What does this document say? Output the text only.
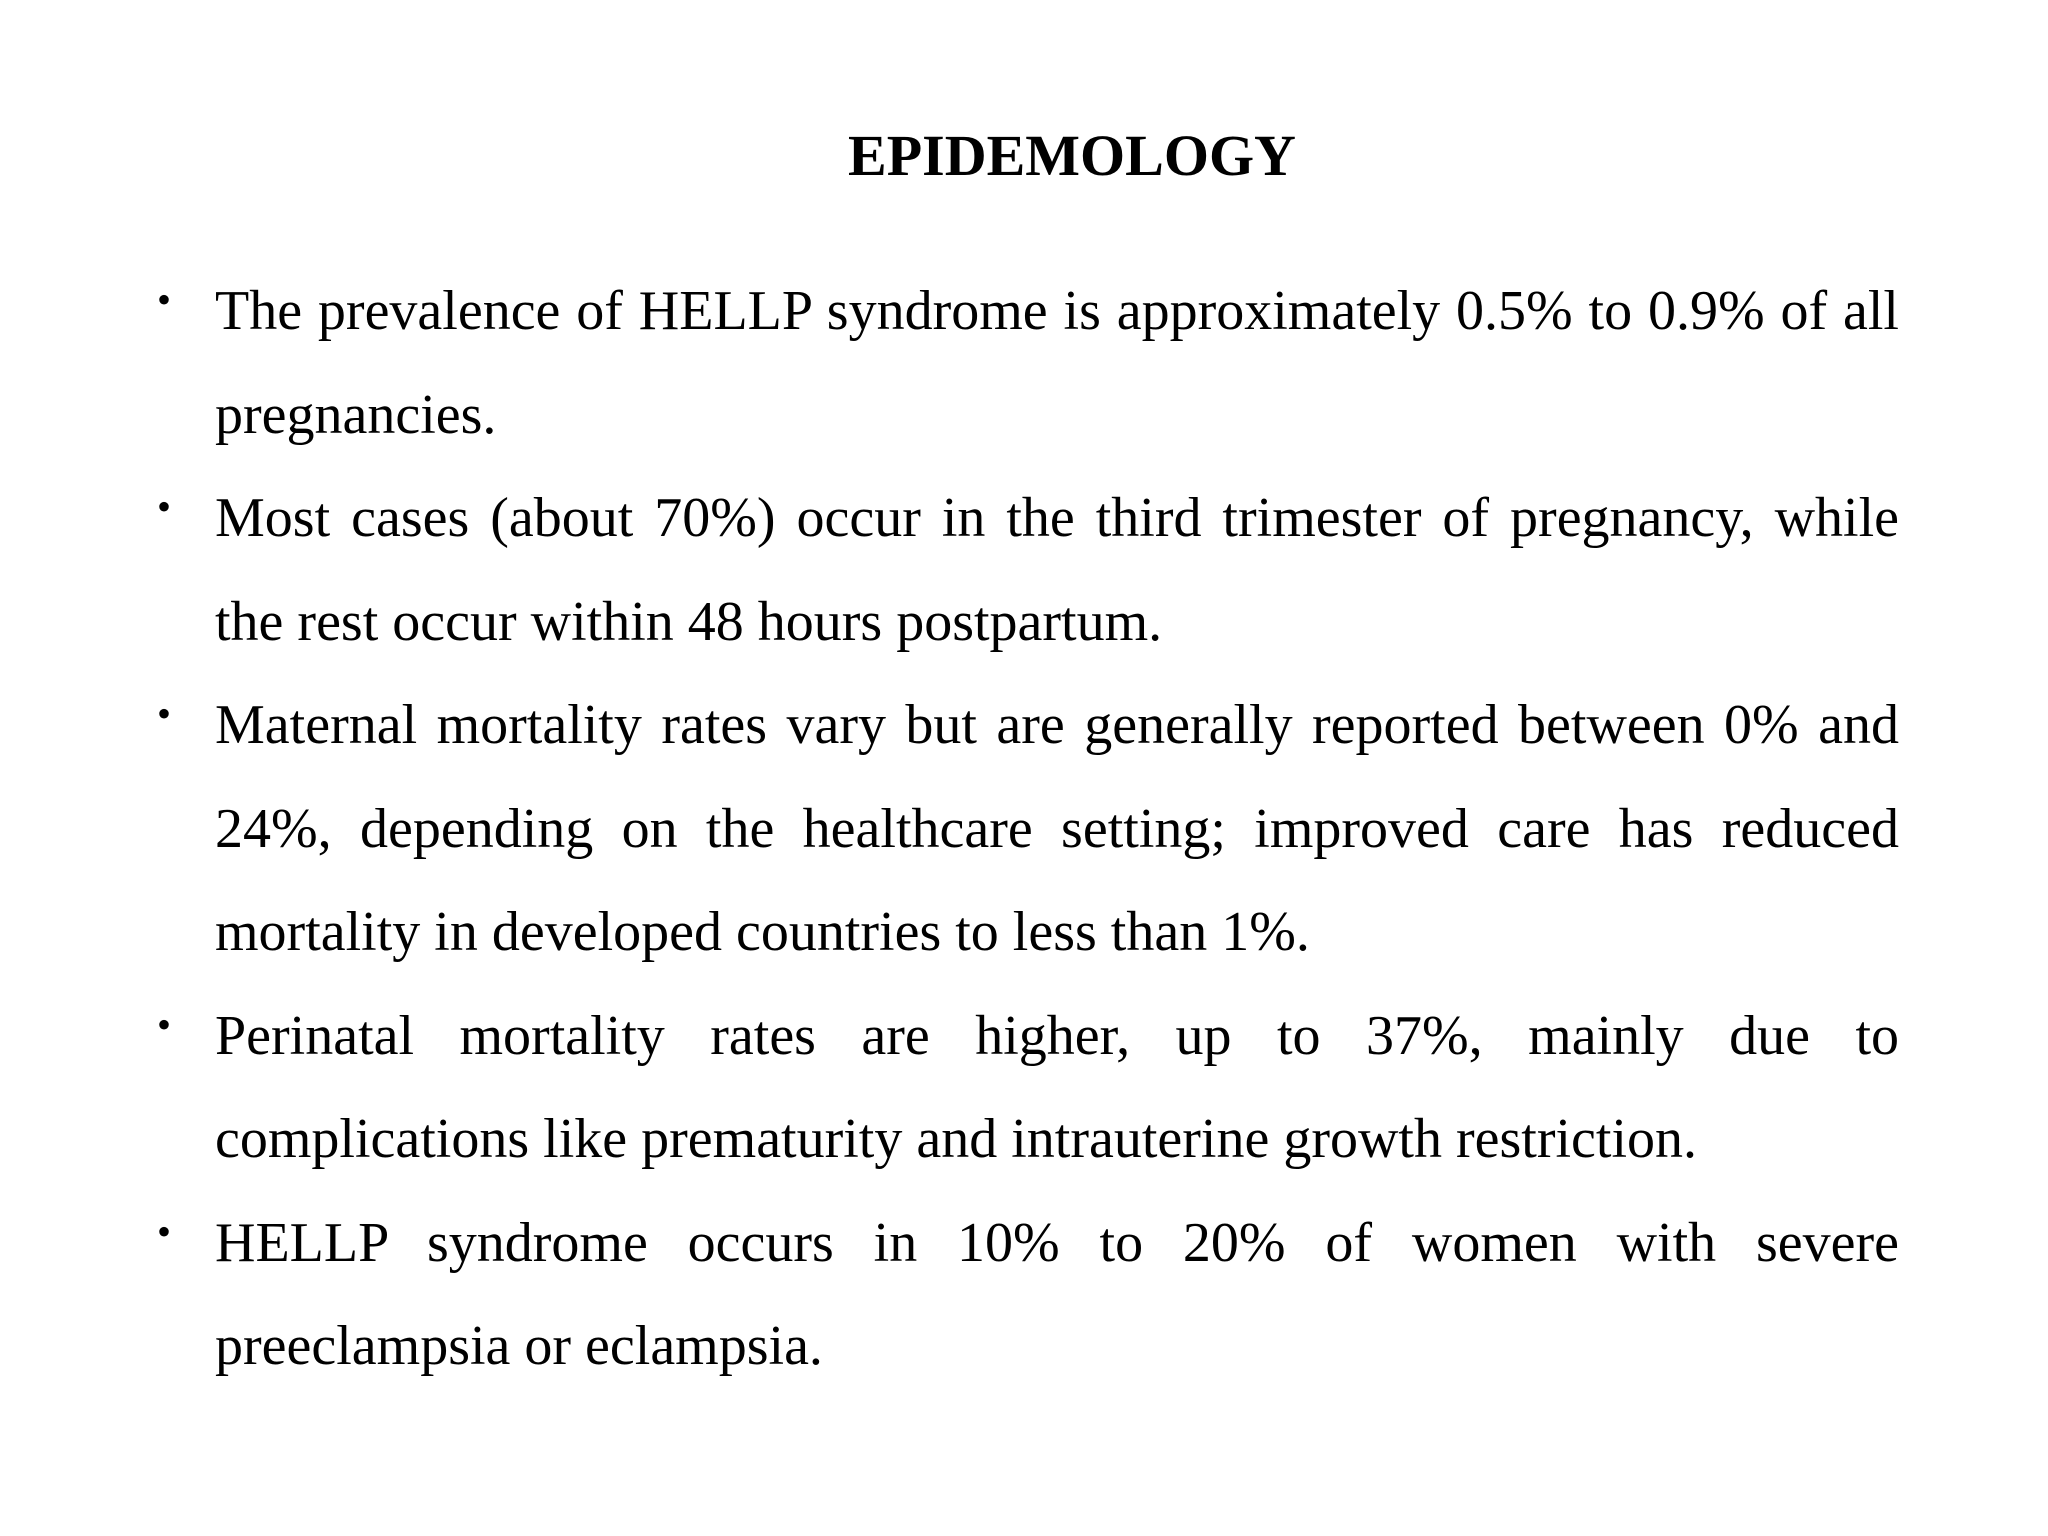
EPIDEMOLOGY
• The prevalence of HELLP syndrome is approximately 0.5% to 0.9% of all pregnancies.
• Most cases (about 70%) occur in the third trimester of pregnancy, while the rest occur within 48 hours postpartum.
• Maternal mortality rates vary but are generally reported between 0% and 24%, depending on the healthcare setting; improved care has reduced mortality in developed countries to less than 1%.
• Perinatal mortality rates are higher, up to 37%, mainly due to complications like prematurity and intrauterine growth restriction.
• HELLP syndrome occurs in 10% to 20% of women with severe preeclampsia or eclampsia.
